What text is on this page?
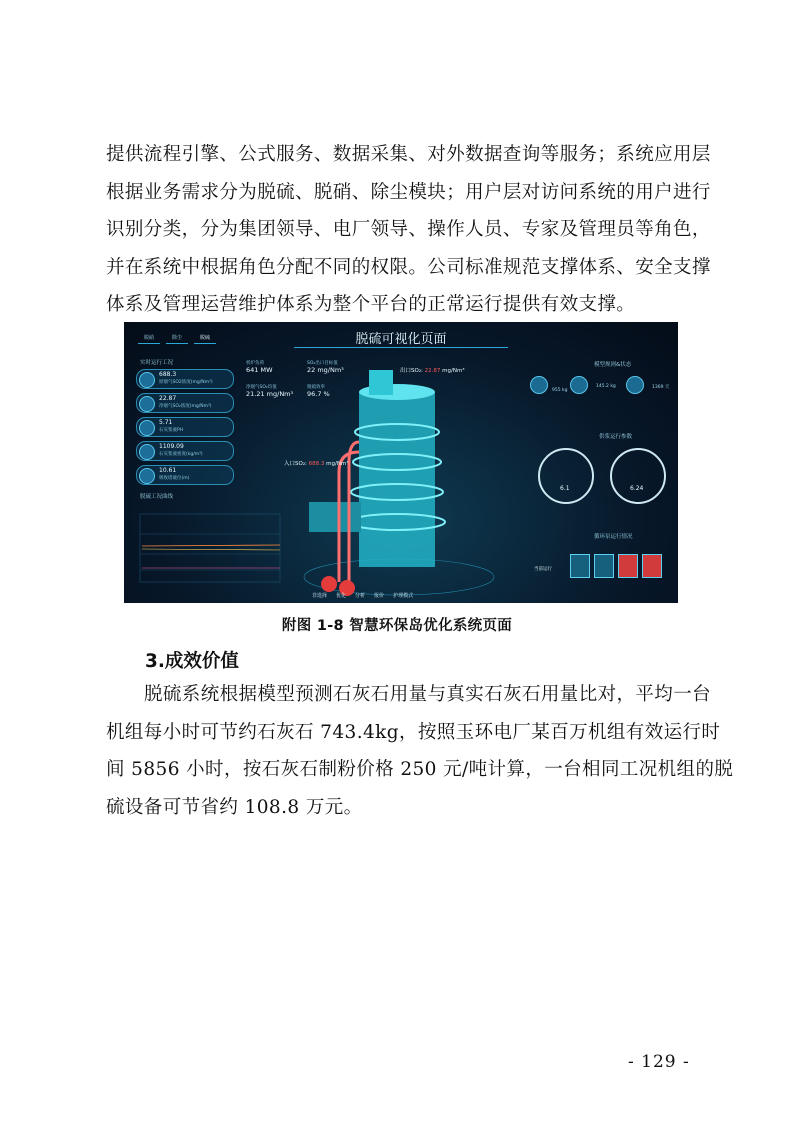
提供流程引擎、公式服务、数据采集、对外数据查询等服务；系统应用层
根据业务需求分为脱硫、脱硝、除尘模块；用户层对访问系统的用户进行
识别分类，分为集团领导、电厂领导、操作人员、专家及管理员等角色，
并在系统中根据角色分配不同的权限。公司标准规范支撑体系、安全支撑
体系及管理运营维护体系为整个平台的正常运行提供有效支撑。
脱硫可视化页面
脱硝	除尘	脱硫
实时运行工况
688.3
原烟气SO2浓度(mg/Nm³)
22.87
净烟气SO₂浓度(mg/Nm³)
5.71
石灰浆液PH
1109.09
石灰浆液密度(kg/m³)
10.61
吸收塔液位(m)
脱硫工况曲线
机炉负荷
641 MW
SO₂出口目标值
22 mg/Nm³
净烟气SO₂均值
21.21 mg/Nm³
脱硫效率
96.7 %
出口SO₂: 22.87 mg/Nm³
入口SO₂: 688.3 mg/Nm³
模型规则&状态
955 kg
145.2 kg	1369 天
供浆运行参数
6.1	6.24
循环泵运行情况
当前运行
非选择 优化 分析 报价 护理模式
附图 1-8 智慧环保岛优化系统页面
3.成效价值
脱硫系统根据模型预测石灰石用量与真实石灰石用量比对，平均一台
机组每小时可节约石灰石 743.4kg，按照玉环电厂某百万机组有效运行时
间 5856 小时，按石灰石制粉价格 250 元/吨计算，一台相同工况机组的脱
硫设备可节省约 108.8 万元。
- 129 -
